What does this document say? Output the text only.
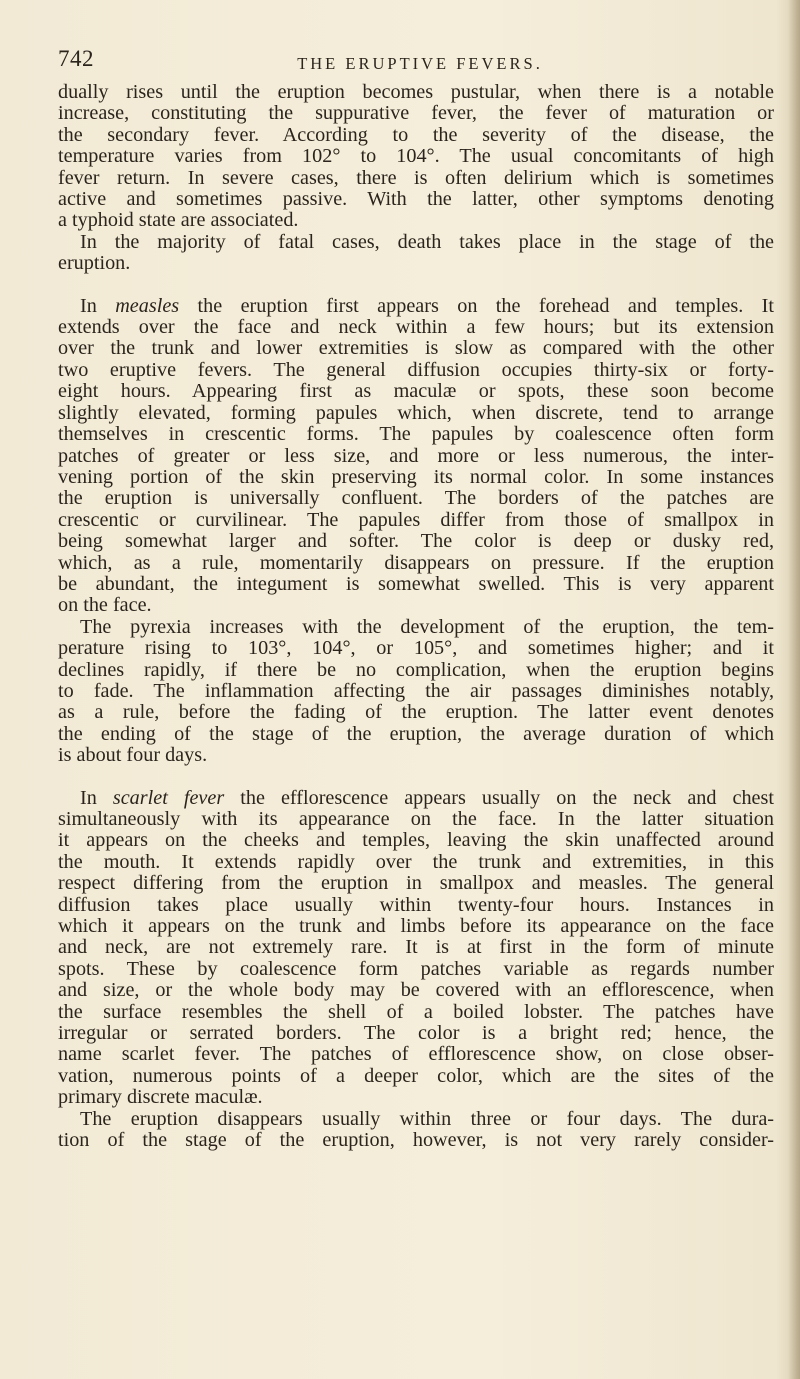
742	THE ERUPTIVE FEVERS.

dually rises until the eruption becomes pustular, when there is a notable
increase, constituting the suppurative fever, the fever of maturation or
the secondary fever. According to the severity of the disease, the
temperature varies from 102° to 104°. The usual concomitants of high
fever return. In severe cases, there is often delirium which is sometimes
active and sometimes passive. With the latter, other symptoms denoting
a typhoid state are associated.

In the majority of fatal cases, death takes place in the stage of the
eruption.

In measles the eruption first appears on the forehead and temples. It
extends over the face and neck within a few hours; but its extension
over the trunk and lower extremities is slow as compared with the other
two eruptive fevers. The general diffusion occupies thirty-six or forty-
eight hours. Appearing first as maculæ or spots, these soon become
slightly elevated, forming papules which, when discrete, tend to arrange
themselves in crescentic forms. The papules by coalescence often form
patches of greater or less size, and more or less numerous, the inter-
vening portion of the skin preserving its normal color. In some instances
the eruption is universally confluent. The borders of the patches are
crescentic or curvilinear. The papules differ from those of smallpox in
being somewhat larger and softer. The color is deep or dusky red,
which, as a rule, momentarily disappears on pressure. If the eruption
be abundant, the integument is somewhat swelled. This is very apparent
on the face.

The pyrexia increases with the development of the eruption, the tem-
perature rising to 103°, 104°, or 105°, and sometimes higher; and it
declines rapidly, if there be no complication, when the eruption begins
to fade. The inflammation affecting the air passages diminishes notably,
as a rule, before the fading of the eruption. The latter event denotes
the ending of the stage of the eruption, the average duration of which
is about four days.

In scarlet fever the efflorescence appears usually on the neck and chest
simultaneously with its appearance on the face. In the latter situation
it appears on the cheeks and temples, leaving the skin unaffected around
the mouth. It extends rapidly over the trunk and extremities, in this
respect differing from the eruption in smallpox and measles. The general
diffusion takes place usually within twenty-four hours. Instances in
which it appears on the trunk and limbs before its appearance on the face
and neck, are not extremely rare. It is at first in the form of minute
spots. These by coalescence form patches variable as regards number
and size, or the whole body may be covered with an efflorescence, when
the surface resembles the shell of a boiled lobster. The patches have
irregular or serrated borders. The color is a bright red; hence, the
name scarlet fever. The patches of efflorescence show, on close obser-
vation, numerous points of a deeper color, which are the sites of the
primary discrete maculæ.

The eruption disappears usually within three or four days. The dura-
tion of the stage of the eruption, however, is not very rarely consider-
